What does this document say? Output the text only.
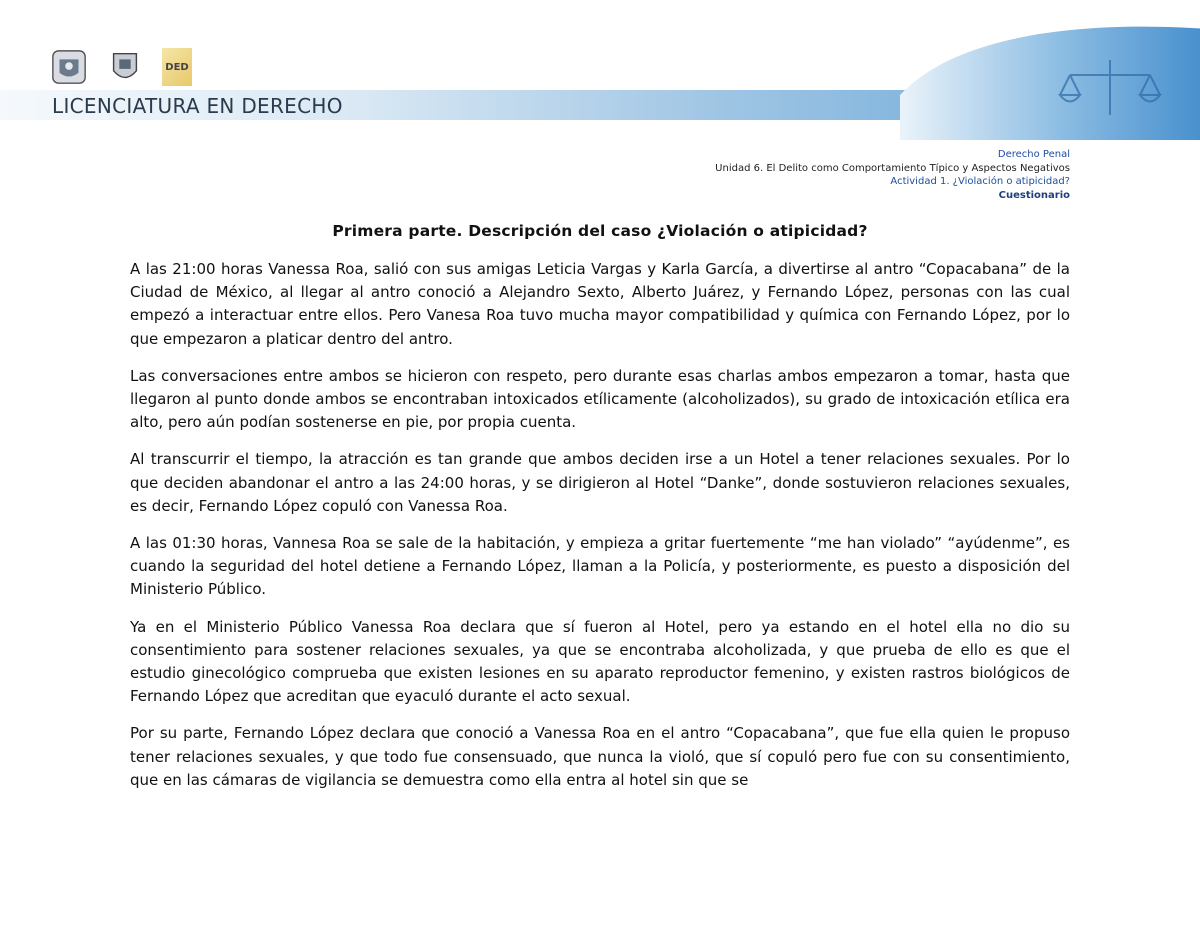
DED
LICENCIATURA EN DERECHO
Derecho Penal
Unidad 6. El Delito como Comportamiento Típico y Aspectos Negativos
Actividad 1. ¿Violación o atipicidad?
Cuestionario
Primera parte. Descripción del caso ¿Violación o atipicidad?

A las 21:00 horas Vanessa Roa, salió con sus amigas Leticia Vargas y Karla García, a divertirse al antro “Copacabana” de la Ciudad de México, al llegar al antro conoció a Alejandro Sexto, Alberto Juárez, y Fernando López, personas con las cual empezó a interactuar entre ellos. Pero Vanesa Roa tuvo mucha mayor compatibilidad y química con Fernando López, por lo que empezaron a platicar dentro del antro.

Las conversaciones entre ambos se hicieron con respeto, pero durante esas charlas ambos empezaron a tomar, hasta que llegaron al punto donde ambos se encontraban intoxicados etílicamente (alcoholizados), su grado de intoxicación etílica era alto, pero aún podían sostenerse en pie, por propia cuenta.

Al transcurrir el tiempo, la atracción es tan grande que ambos deciden irse a un Hotel a tener relaciones sexuales. Por lo que deciden abandonar el antro a las 24:00 horas, y se dirigieron al Hotel “Danke”, donde sostuvieron relaciones sexuales, es decir, Fernando López copuló con Vanessa Roa.

A las 01:30 horas, Vannesa Roa se sale de la habitación, y empieza a gritar fuertemente “me han violado” “ayúdenme”, es cuando la seguridad del hotel detiene a Fernando López, llaman a la Policía, y posteriormente, es puesto a disposición del Ministerio Público.

Ya en el Ministerio Público Vanessa Roa declara que sí fueron al Hotel, pero ya estando en el hotel ella no dio su consentimiento para sostener relaciones sexuales, ya que se encontraba alcoholizada, y que prueba de ello es que el estudio ginecológico comprueba que existen lesiones en su aparato reproductor femenino, y existen rastros biológicos de Fernando López que acreditan que eyaculó durante el acto sexual.

Por su parte, Fernando López declara que conoció a Vanessa Roa en el antro “Copacabana”, que fue ella quien le propuso tener relaciones sexuales, y que todo fue consensuado, que nunca la violó, que sí copuló pero fue con su consentimiento, que en las cámaras de vigilancia se demuestra como ella entra al hotel sin que se
